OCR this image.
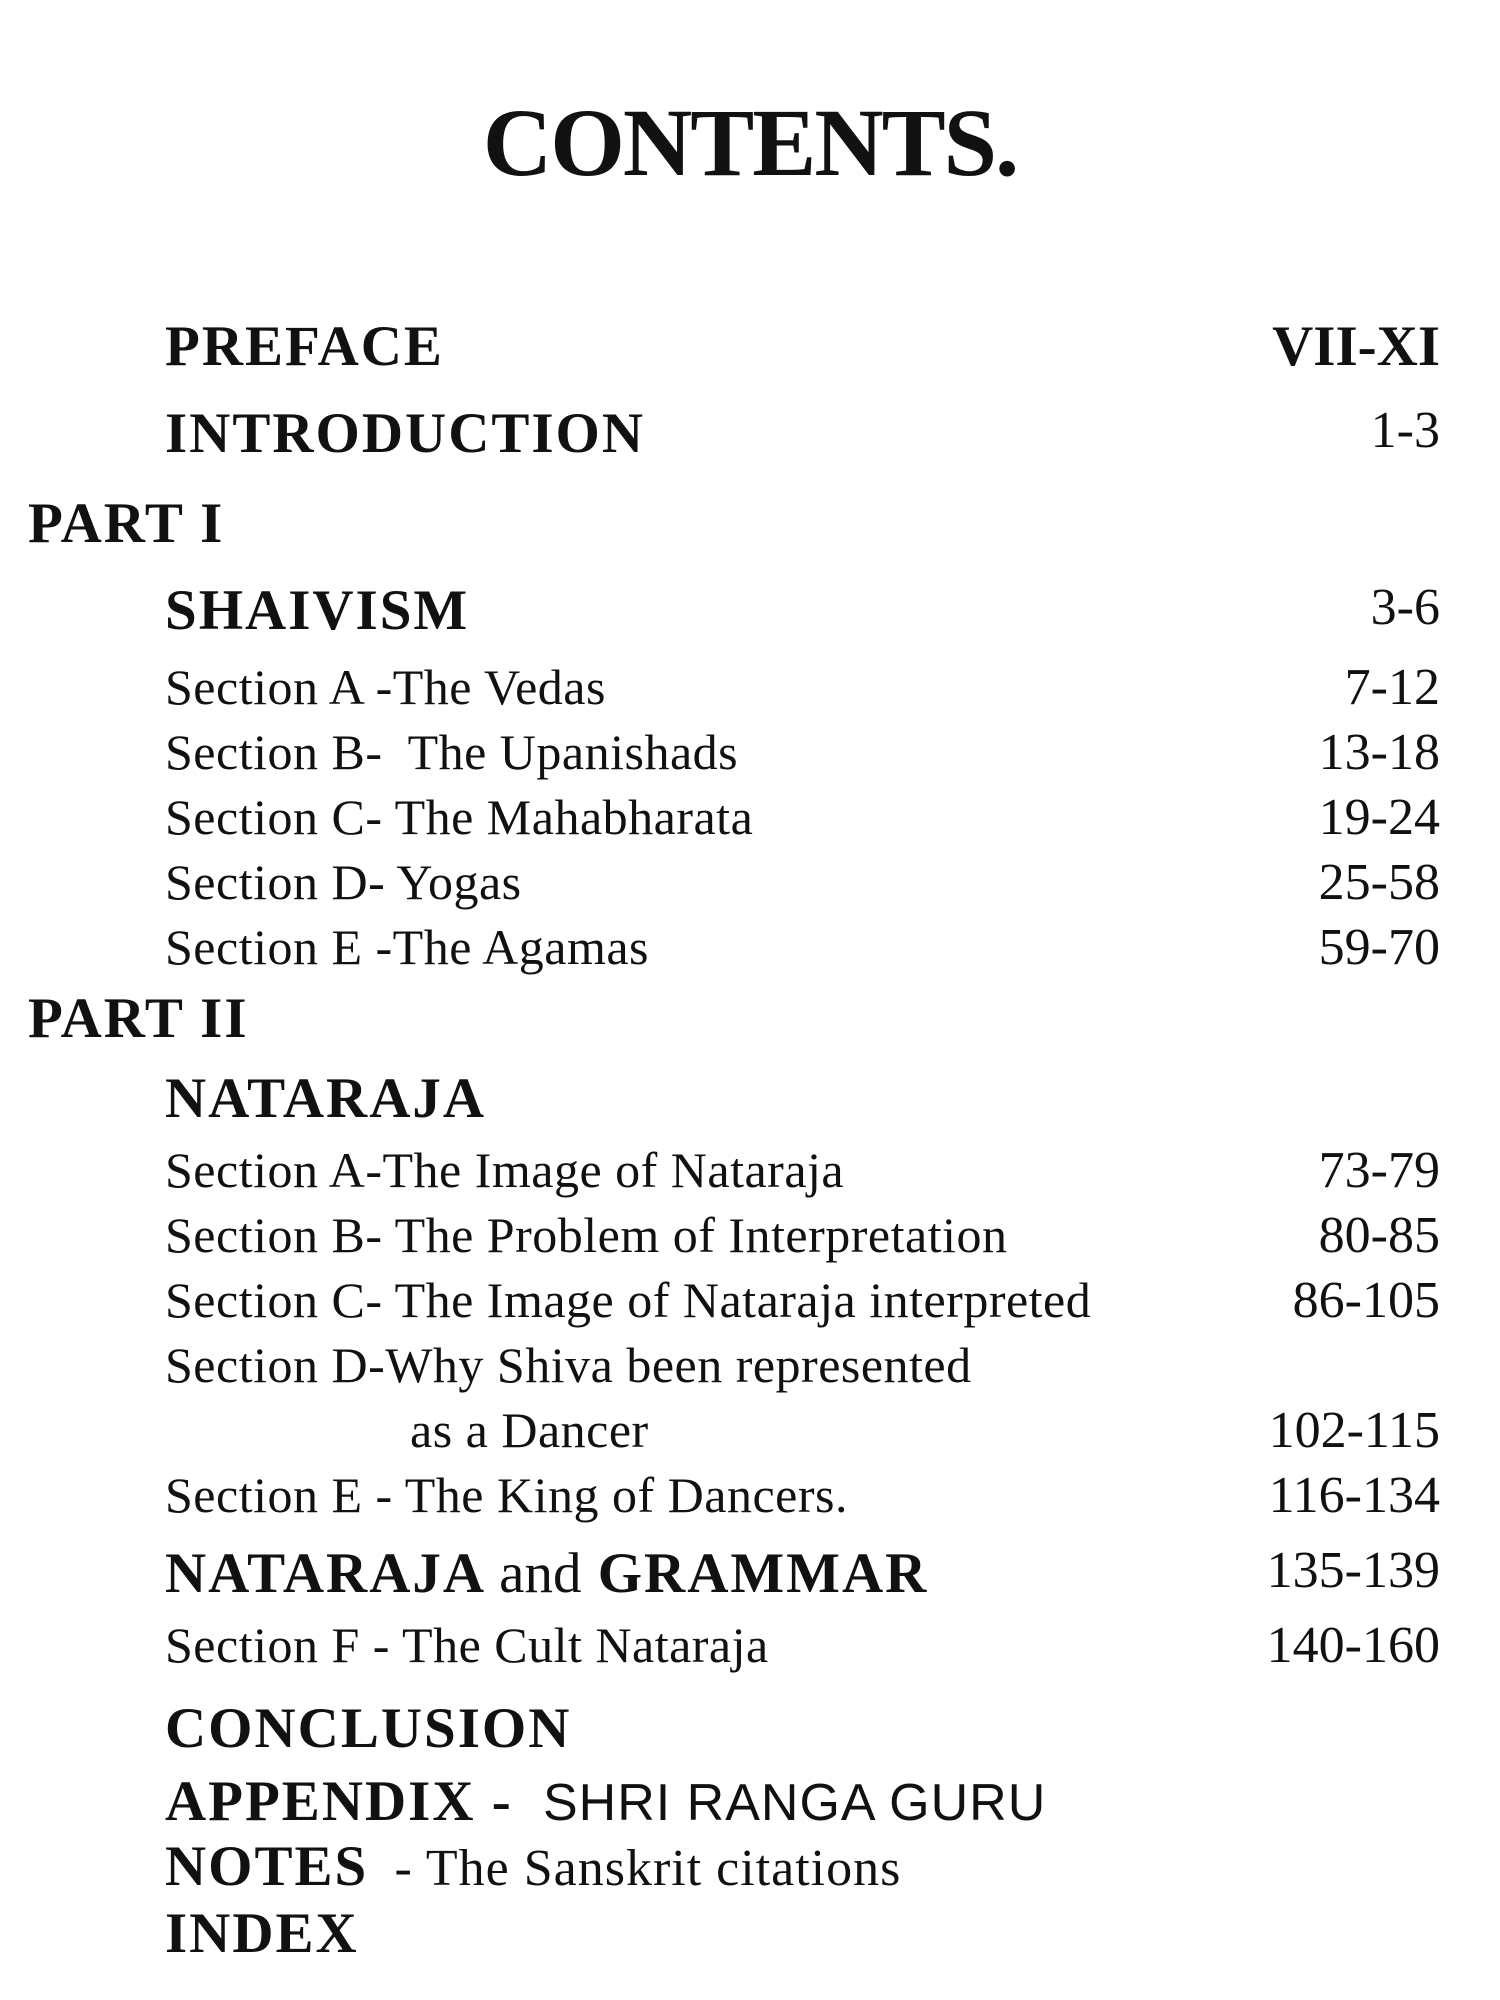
CONTENTS.
PREFACE	VII-XI
INTRODUCTION	1-3
PART I
SHAIVISM	3-6
Section A -The Vedas	7-12
Section B-  The Upanishads	13-18
Section C- The Mahabharata	19-24
Section D- Yogas	25-58
Section E -The Agamas	59-70
PART II
NATARAJA
Section A-The Image of Nataraja	73-79
Section B- The Problem of Interpretation	80-85
Section C- The Image of Nataraja interpreted	86-105
Section D-Why Shiva been represented
as a Dancer	102-115
Section E - The King of Dancers.	116-134
NATARAJA and GRAMMAR	135-139
Section F - The Cult Nataraja	140-160
CONCLUSION
APPENDIX - SHRI RANGA GURU
NOTES - The Sanskrit citations
INDEX
